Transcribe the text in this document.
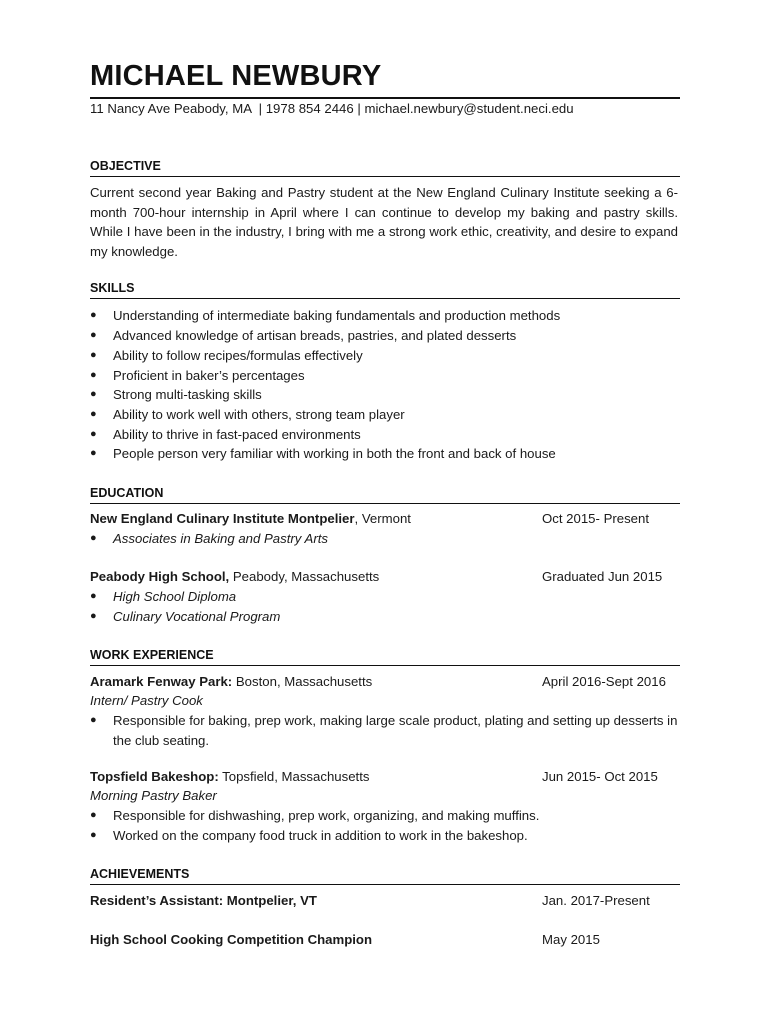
MICHAEL NEWBURY
11 Nancy Ave Peabody, MA  | 1978 854 2446 | michael.newbury@student.neci.edu
OBJECTIVE

Current second year Baking and Pastry student at the New England Culinary Institute seeking a 6-month 700-hour internship in April where I can continue to develop my baking and pastry skills. While I have been in the industry, I bring with me a strong work ethic, creativity, and desire to expand my knowledge.

SKILLS
●	Understanding of intermediate baking fundamentals and production methods
●	Advanced knowledge of artisan breads, pastries, and plated desserts
●	Ability to follow recipes/formulas effectively
●	Proficient in baker’s percentages
●	Strong multi-tasking skills
●	Ability to work well with others, strong team player
●	Ability to thrive in fast-paced environments
●	People person very familiar with working in both the front and back of house
EDUCATION
New England Culinary Institute Montpelier, Vermont	Oct 2015- Present
●	Associates in Baking and Pastry Arts
Peabody High School, Peabody, Massachusetts	Graduated Jun 2015
●	High School Diploma
●	Culinary Vocational Program
WORK EXPERIENCE
Aramark Fenway Park: Boston, Massachusetts	April 2016-Sept 2016
Intern/ Pastry Cook
●	Responsible for baking, prep work, making large scale product, plating and setting up desserts in the club seating.
Topsfield Bakeshop: Topsfield, Massachusetts	Jun 2015- Oct 2015
Morning Pastry Baker
●	Responsible for dishwashing, prep work, organizing, and making muffins.
●	Worked on the company food truck in addition to work in the bakeshop.
ACHIEVEMENTS
Resident’s Assistant: Montpelier, VT	Jan. 2017-Present
High School Cooking Competition Champion	May 2015
